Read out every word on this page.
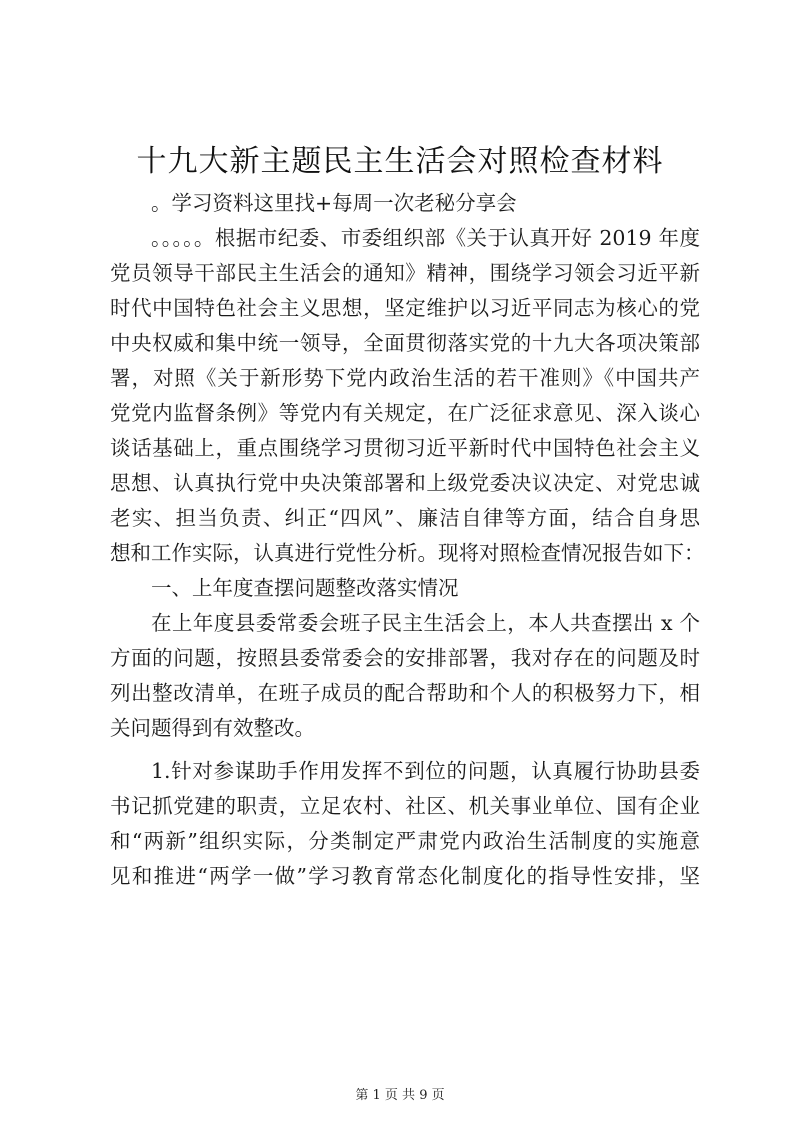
十九大新主题民主生活会对照检查材料
。学习资料这里找+每周一次老秘分享会
。。。。。根据市纪委、市委组织部《关于认真开好 2019 年度
党员领导干部民主生活会的通知》精神，围绕学习领会习近平新
时代中国特色社会主义思想，坚定维护以习近平同志为核心的党
中央权威和集中统一领导，全面贯彻落实党的十九大各项决策部
署，对照《关于新形势下党内政治生活的若干准则》《中国共产
党党内监督条例》等党内有关规定，在广泛征求意见、深入谈心
谈话基础上，重点围绕学习贯彻习近平新时代中国特色社会主义
思想、认真执行党中央决策部署和上级党委决议决定、对党忠诚
老实、担当负责、纠正“四风”、廉洁自律等方面，结合自身思
想和工作实际，认真进行党性分析。现将对照检查情况报告如下：
一、上年度查摆问题整改落实情况
在上年度县委常委会班子民主生活会上，本人共查摆出 x 个
方面的问题，按照县委常委会的安排部署，我对存在的问题及时
列出整改清单，在班子成员的配合帮助和个人的积极努力下，相
关问题得到有效整改。
1.针对参谋助手作用发挥不到位的问题，认真履行协助县委
书记抓党建的职责，立足农村、社区、机关事业单位、国有企业
和“两新”组织实际，分类制定严肃党内政治生活制度的实施意
见和推进“两学一做”学习教育常态化制度化的指导性安排，坚
第 1 页 共 9 页
